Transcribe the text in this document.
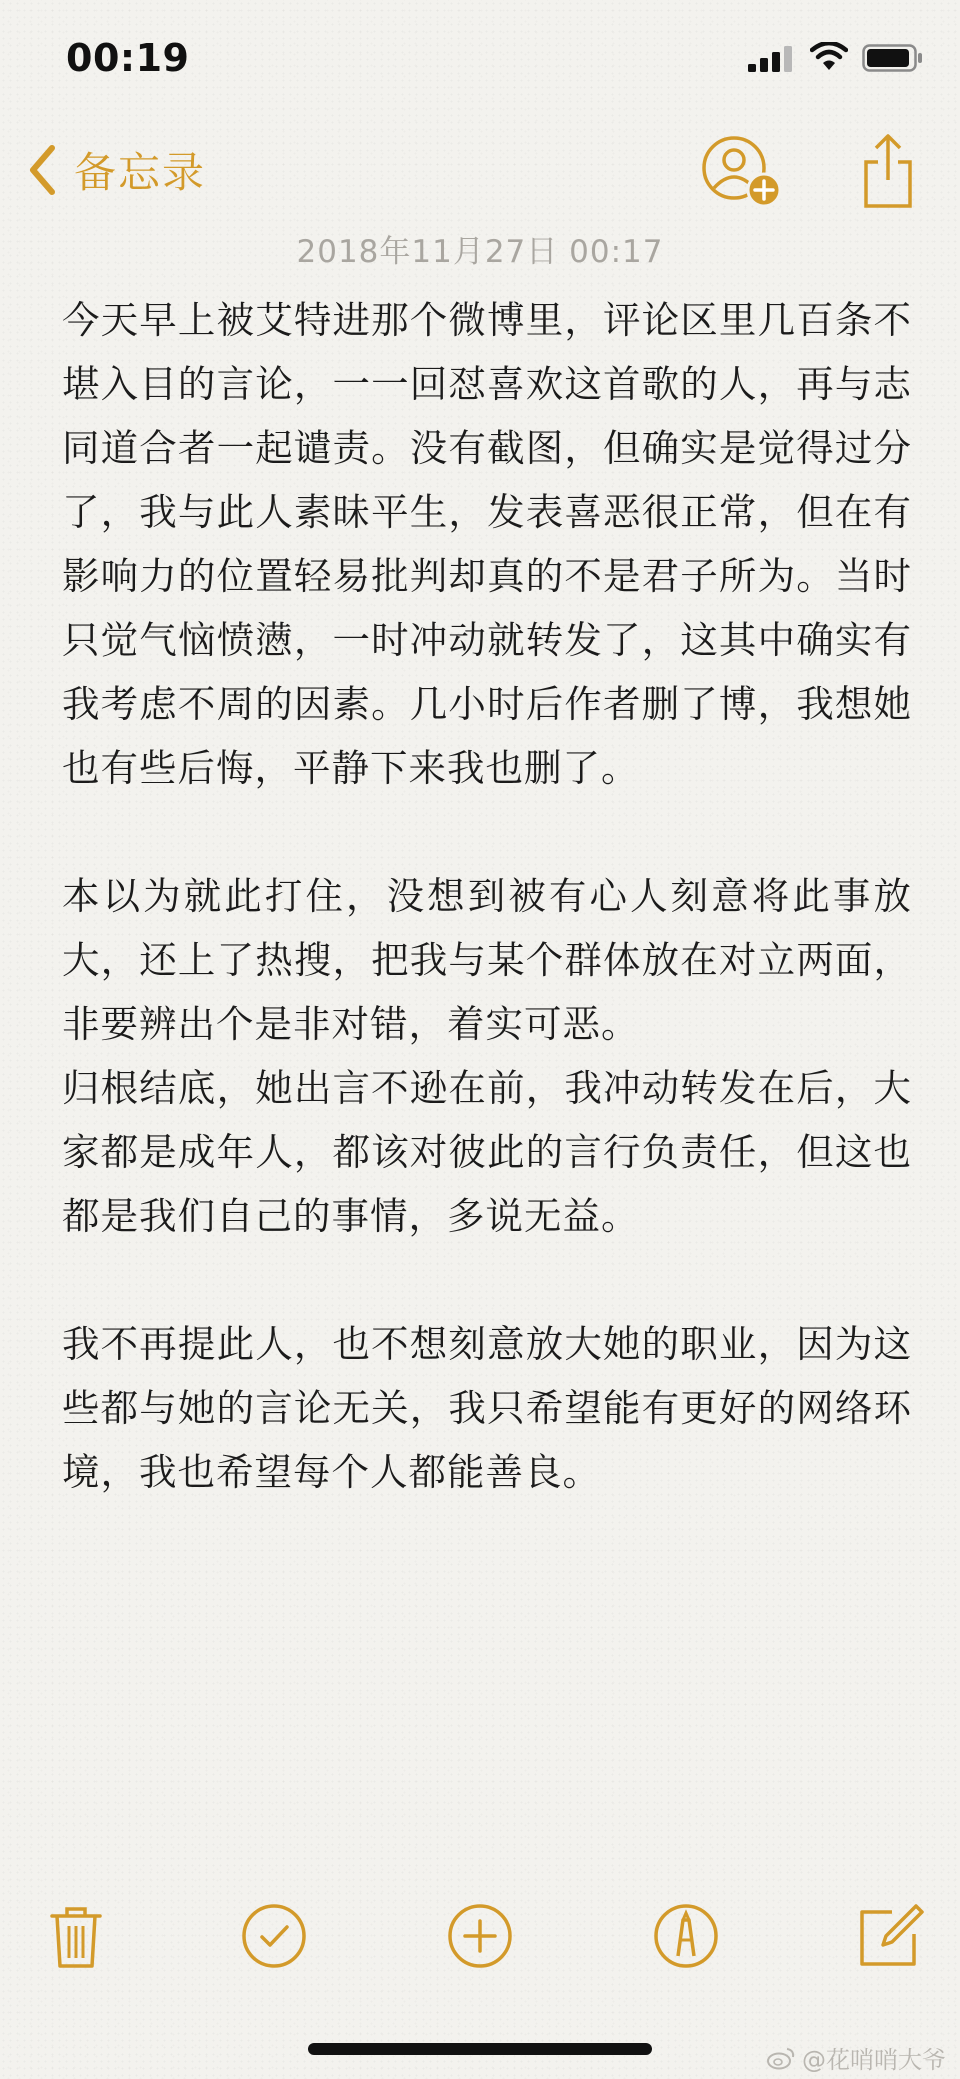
00:19
备忘录
2018年11月27日 00:17

今天早上被艾特进那个微博里，评论区里几百条不堪入目的言论，一一回怼喜欢这首歌的人，再与志同道合者一起谴责。没有截图，但确实是觉得过分了，我与此人素昧平生，发表喜恶很正常，但在有影响力的位置轻易批判却真的不是君子所为。当时只觉气恼愤懑，一时冲动就转发了，这其中确实有我考虑不周的因素。几小时后作者删了博，我想她也有些后悔，平静下来我也删了。

本以为就此打住，没想到被有心人刻意将此事放大，还上了热搜，把我与某个群体放在对立两面，非要辨出个是非对错，着实可恶。

归根结底，她出言不逊在前，我冲动转发在后，大家都是成年人，都该对彼此的言行负责任，但这也都是我们自己的事情，多说无益。

我不再提此人，也不想刻意放大她的职业，因为这些都与她的言论无关，我只希望能有更好的网络环境，我也希望每个人都能善良。

@花哨哨大爷
